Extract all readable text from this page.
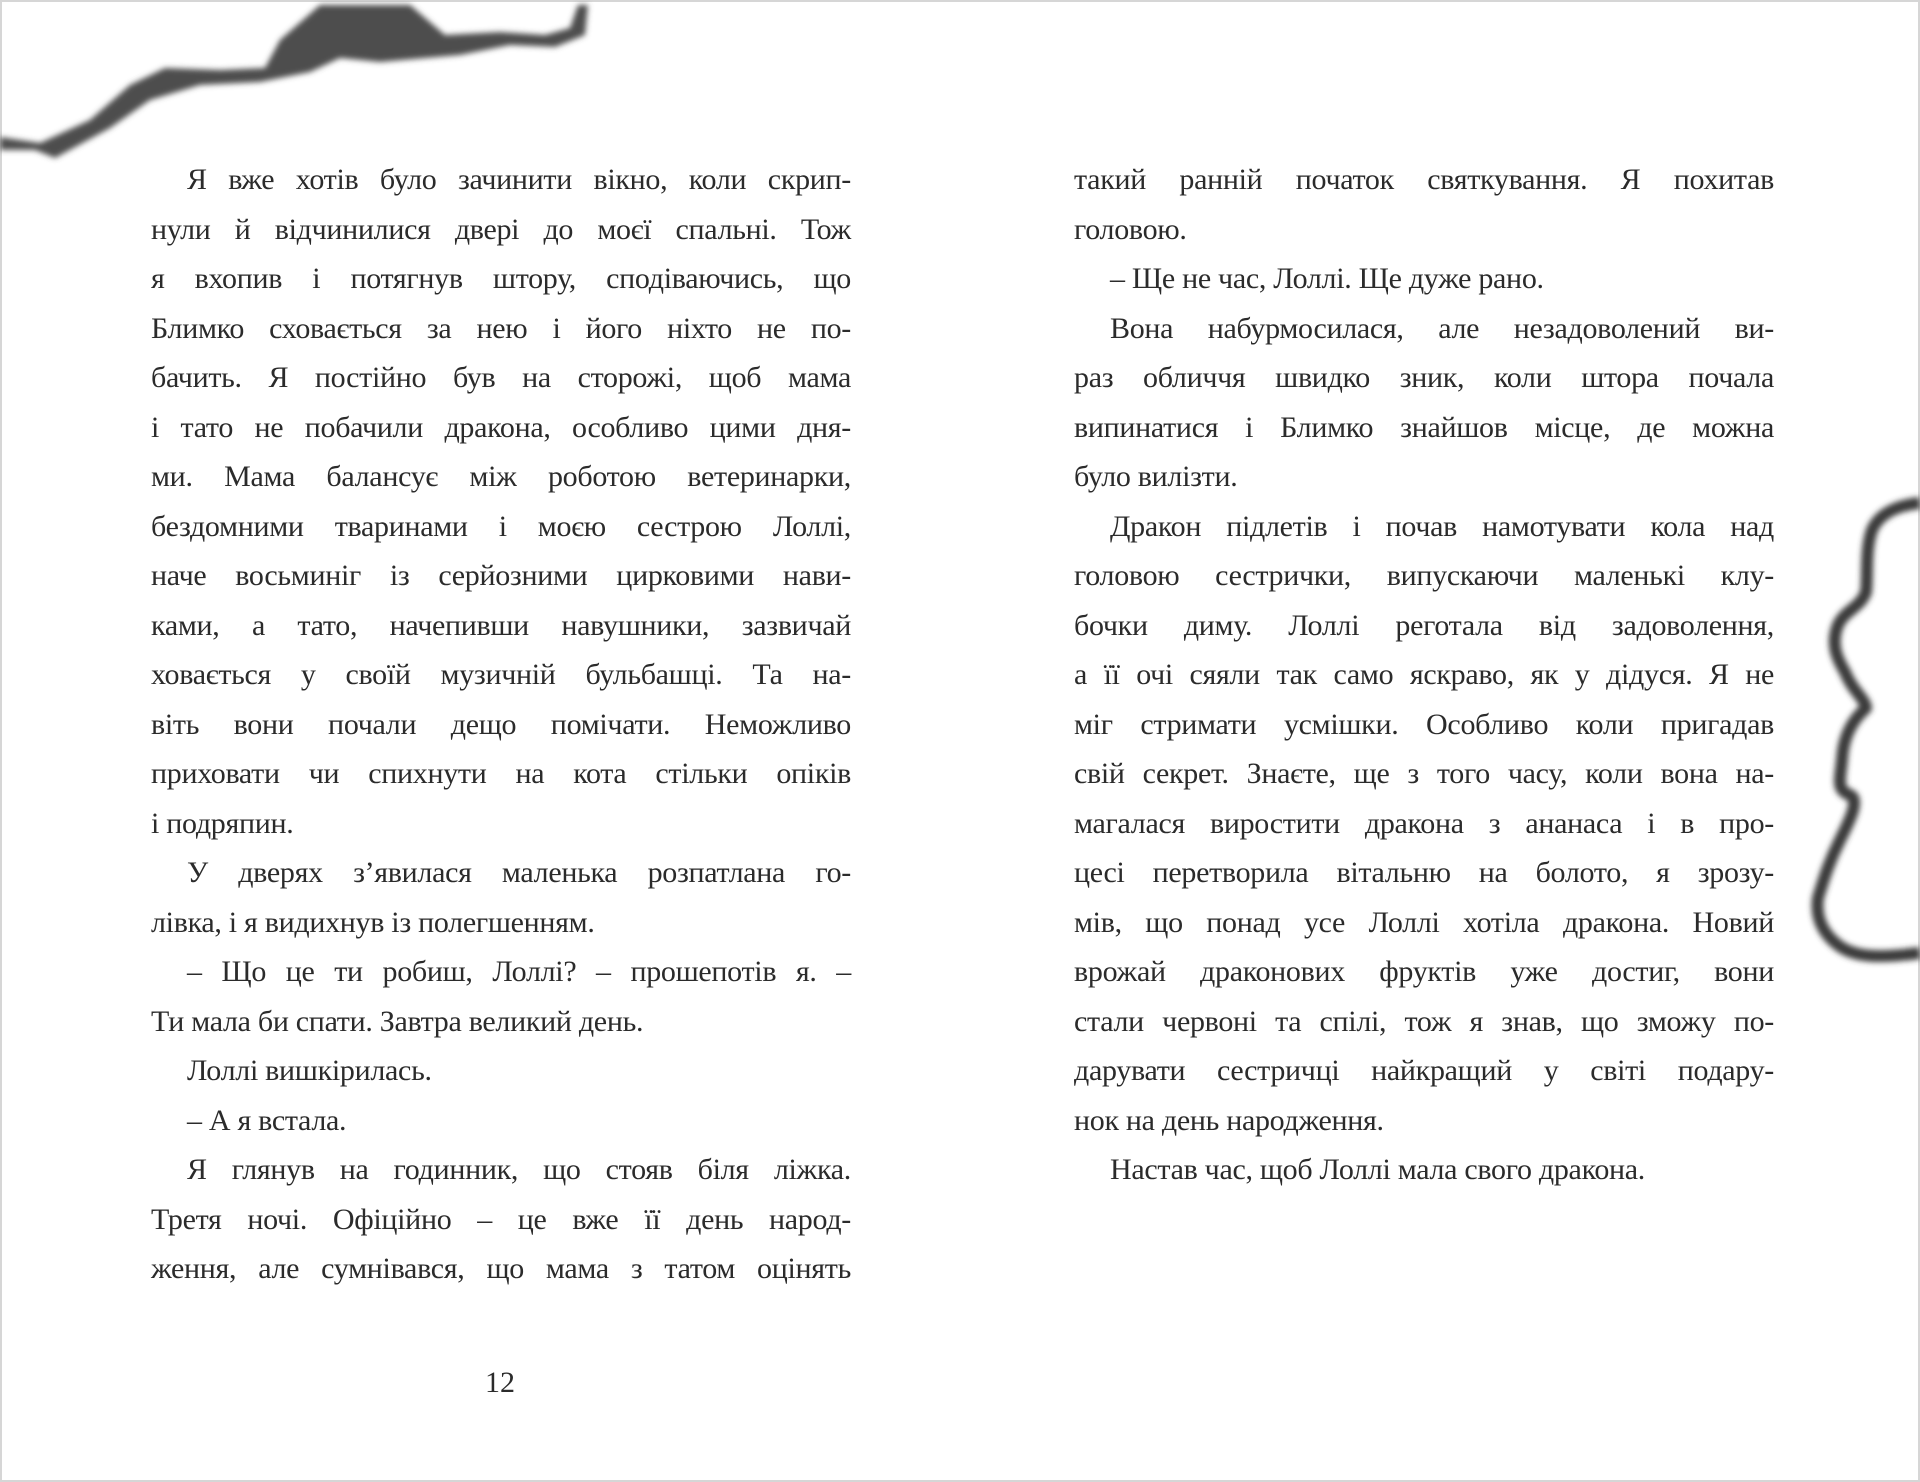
Я вже хотів було зачинити вікно, коли скрип-
нули й відчинилися двері до моєї спальні. Тож
я вхопив і потягнув штору, сподіваючись, що
Блимко сховається за нею і його ніхто не по-
бачить. Я постійно був на сторожі, щоб мама
і тато не побачили дракона, особливо цими дня-
ми. Мама балансує між роботою ветеринарки,
бездомними тваринами і моєю сестрою Лоллі,
наче восьминіг із серйозними цирковими нави-
ками, а тато, начепивши навушники, зазвичай
ховається у своїй музичній бульбашці. Та на-
віть вони почали дещо помічати. Неможливо
приховати чи спихнути на кота стільки опіків
і подряпин.
У дверях з’явилася маленька розпатлана го-
лівка, і я видихнув із полегшенням.
– Що це ти робиш, Лоллі? – прошепотів я. –
Ти мала би спати. Завтра великий день.
Лоллі вишкірилась.
– А я встала.
Я глянув на годинник, що стояв біля ліжка.
Третя ночі. Офіційно – це вже її день народ-
ження, але сумнівався, що мама з татом оцінять
такий ранній початок святкування. Я похитав
головою.
– Ще не час, Лоллі. Ще дуже рано.
Вона набурмосилася, але незадоволений ви-
раз обличчя швидко зник, коли штора почала
випинатися і Блимко знайшов місце, де можна
було вилізти.
Дракон підлетів і почав намотувати кола над
головою сестрички, випускаючи маленькі клу-
бочки диму. Лоллі реготала від задоволення,
а її очі сяяли так само яскраво, як у дідуся. Я не
міг стримати усмішки. Особливо коли пригадав
свій секрет. Знаєте, ще з того часу, коли вона на-
магалася виростити дракона з ананаса і в про-
цесі перетворила вітальню на болото, я зрозу-
мів, що понад усе Лоллі хотіла дракона. Новий
врожай драконових фруктів уже достиг, вони
стали червоні та спілі, тож я знав, що зможу по-
дарувати сестричці найкращий у світі подару-
нок на день народження.
Настав час, щоб Лоллі мала свого дракона.
12
